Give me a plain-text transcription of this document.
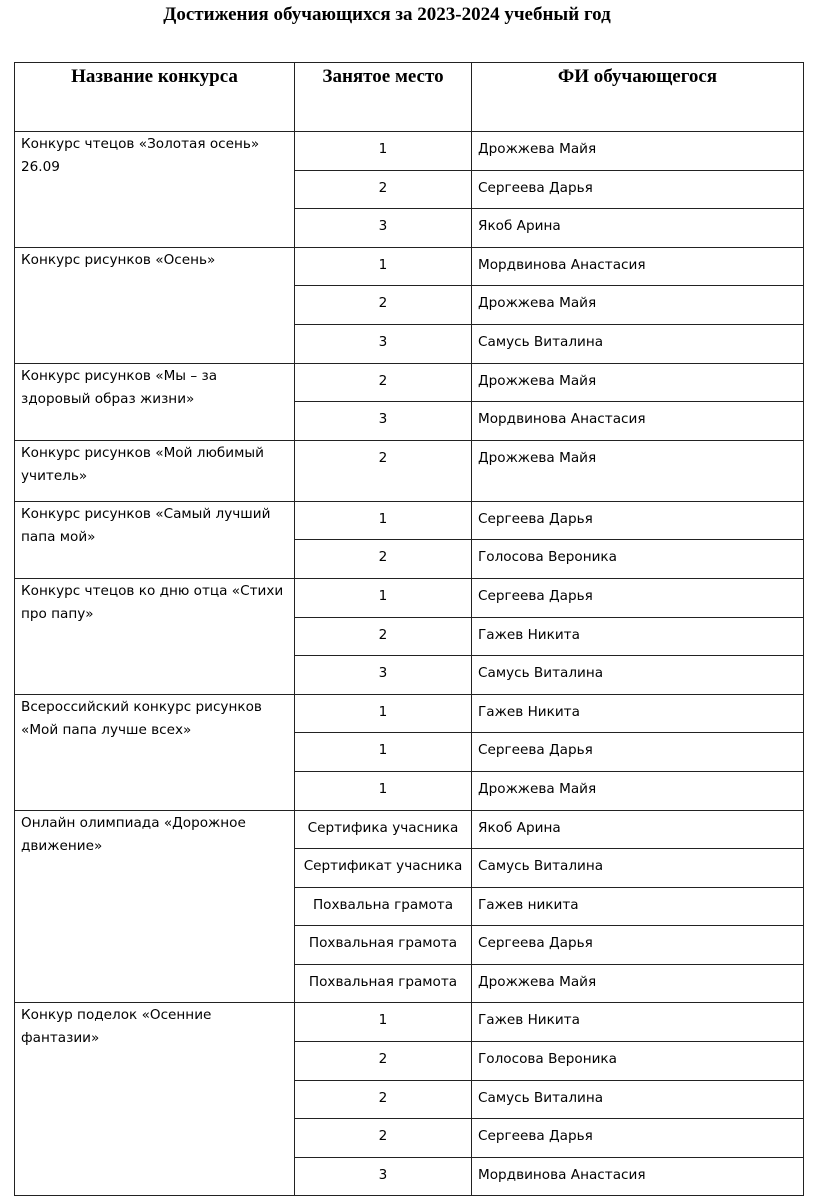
Достижения обучающихся за 2023-2024 учебный год
Название конкурса	Занятое место	ФИ обучающегося
Конкурс чтецов «Золотая осень» 26.09	1	Дрожжева Майя
	2	Сергеева Дарья
	3	Якоб Арина
Конкурс рисунков «Осень»	1	Мордвинова Анастасия
	2	Дрожжева Майя
	3	Самусь Виталина
Конкурс рисунков «Мы – за здоровый образ жизни»	2	Дрожжева Майя
	3	Мордвинова Анастасия
Конкурс рисунков «Мой любимый учитель»	2	Дрожжева Майя
Конкурс рисунков «Самый лучший папа мой»	1	Сергеева Дарья
	2	Голосова Вероника
Конкурс чтецов ко дню отца «Стихи про папу»	1	Сергеева Дарья
	2	Гажев Никита
	3	Самусь Виталина
Всероссийский конкурс рисунков «Мой папа лучше всех»	1	Гажев Никита
	1	Сергеева Дарья
	1	Дрожжева Майя
Онлайн олимпиада «Дорожное движение»	Сертифика учасника	Якоб Арина
	Сертификат учасника	Самусь Виталина
	Похвальна грамота	Гажев никита
	Похвальная грамота	Сергеева Дарья
	Похвальная грамота	Дрожжева Майя
Конкур поделок «Осенние фантазии»	1	Гажев Никита
	2	Голосова Вероника
	2	Самусь Виталина
	2	Сергеева Дарья
	3	Мордвинова Анастасия
